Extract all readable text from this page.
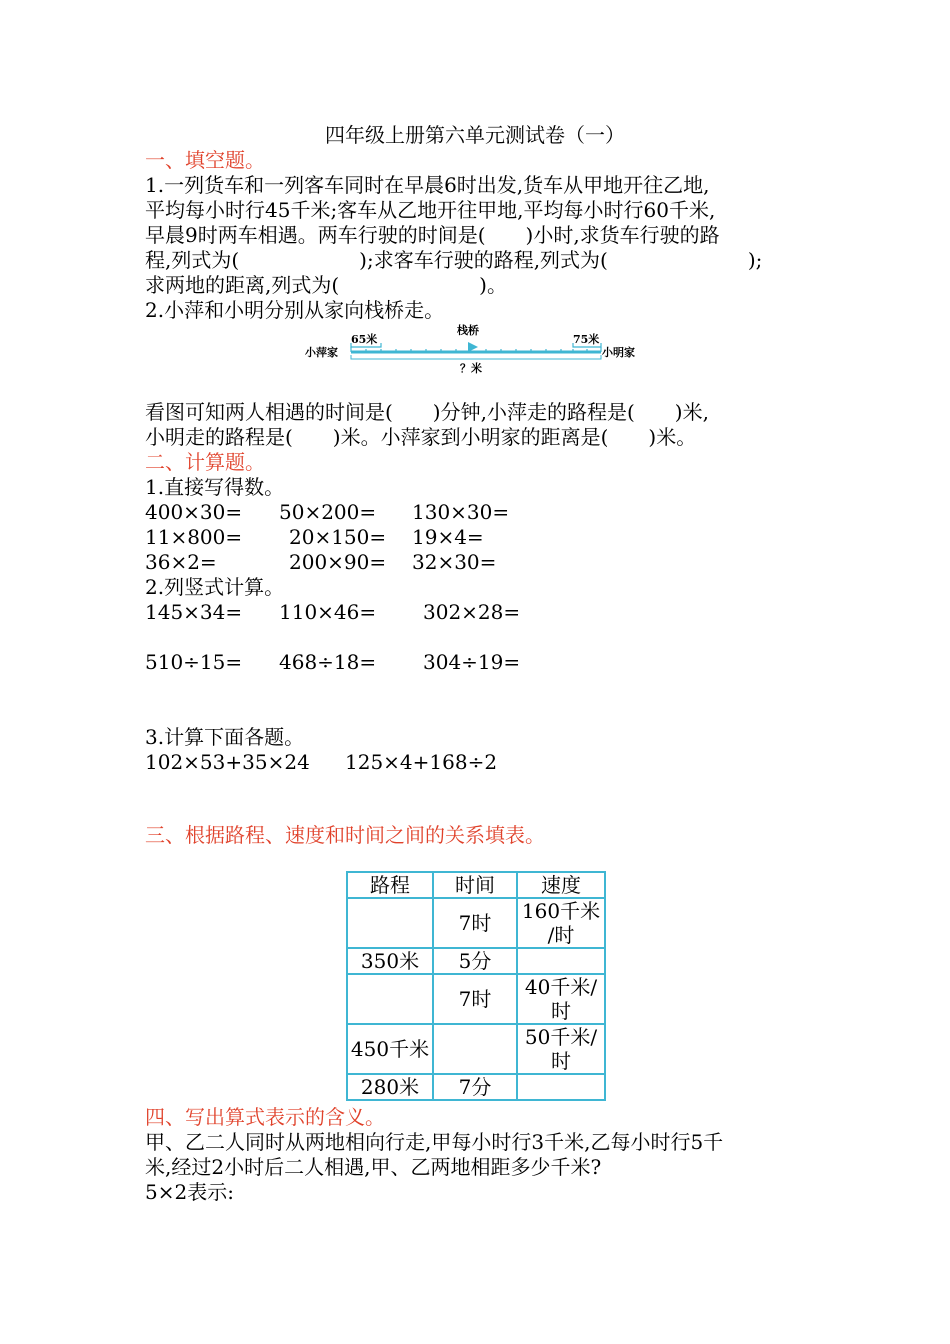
四年级上册第六单元测试卷（一）
一、填空题。
1.一列货车和一列客车同时在早晨6时出发,货车从甲地开往乙地,
平均每小时行45千米;客车从乙地开往甲地,平均每小时行60千米,
早晨9时两车相遇。两车行驶的时间是(　　)小时,求货车行驶的路
程,列式为(　　　　　　);求客车行驶的路程,列式为(　　　　　　　);
求两地的距离,列式为(　　　　　　　)。
2.小萍和小明分别从家向栈桥走。
小萍家	小明家
栈桥
65米	75米
？米
看图可知两人相遇的时间是(　　)分钟,小萍走的路程是(　　)米,
小明走的路程是(　　)米。小萍家到小明家的距离是(　　)米。
二、计算题。
1.直接写得数。
400×30= 50×200= 130×30=
11×800= 20×150= 19×4=
36×2=	200×90= 32×30=
2.列竖式计算。
145×34= 110×46= 302×28=
510÷15= 468÷18= 304÷19=
3.计算下面各题。
102×53+35×24 125×4+168÷2
三、根据路程、速度和时间之间的关系填表。
路程	时间	速度
	7时	160千米
/时
350米	5分	
	7时	40千米/
时
450千米		50千米/
时
280米	7分	
四、写出算式表示的含义。
甲、乙二人同时从两地相向行走,甲每小时行3千米,乙每小时行5千
米,经过2小时后二人相遇,甲、乙两地相距多少千米?
5×2表示:
